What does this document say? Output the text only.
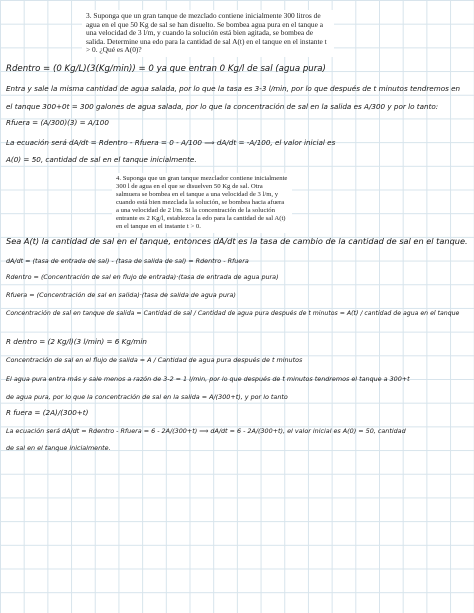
3. Suponga que un gran tanque de mezclado contiene inicialmente 300 litros de agua en el que 50 Kg de sal se han disuelto. Se bombea agua pura en el tanque a una velocidad de 3 l/m, y cuando la solución está bien agitada, se bombea de salida. Determine una edo para la cantidad de sal A(t) en el tanque en el instante t > 0. ¿Qué es A(0)?
Rdentro = (0 Kg/L)(3(Kg/min)) = 0 ya que entran 0 Kg/l de sal (agua pura)
Entra y sale la misma cantidad de agua salada, por lo que la tasa es 3-3 l/min, por lo que después de t minutos tendremos en
el tanque 300+0t = 300 galones de agua salada, por lo que la concentración de sal en la salida es A/300 y por lo tanto:
Rfuera = (A/300)(3) = A/100
La ecuación será dA/dt = Rdentro - Rfuera = 0 - A/100 ⟹ dA/dt = -A/100, el valor inicial es
A(0) = 50, cantidad de sal en el tanque inicialmente.
4. Suponga que un gran tanque mezclador contiene inicialmente 300 l de agua en el que se disuelven 50 Kg de sal. Otra salmuera se bombea en el tanque a una velocidad de 3 l/m, y cuando está bien mezclada la solución, se bombea hacia afuera a una velocidad de 2 l/m. Si la concentración de la solución entrante es 2 Kg/l, establezca la edo para la cantidad de sal A(t) en el tanque en el instante t > 0.
Sea A(t) la cantidad de sal en el tanque, entonces dA/dt es la tasa de cambio de la cantidad de sal en el tanque.
dA/dt = (tasa de entrada de sal) - (tasa de salida de sal) = Rdentro - Rfuera
Rdentro = (Concentración de sal en flujo de entrada)·(tasa de entrada de agua pura)
Rfuera = (Concentración de sal en salida)·(tasa de salida de agua pura)
Concentración de sal en tanque de salida = Cantidad de sal / Cantidad de agua pura después de t minutos = A(t) / cantidad de agua en el tanque
R dentro = (2 Kg/l)(3 l/min) = 6 Kg/min
Concentración de sal en el flujo de salida = A / Cantidad de agua pura después de t minutos
El agua pura entra más y sale menos a razón de 3-2 = 1 l/min, por lo que después de t minutos tendremos el tanque a 300+t
de agua pura, por lo que la concentración de sal en la salida = A/(300+t), y por lo tanto
R fuera = (2A)/(300+t)
La ecuación será dA/dt = Rdentro - Rfuera = 6 - 2A/(300+t) ⟹ dA/dt = 6 - 2A/(300+t), el valor inicial es A(0) = 50, cantidad
de sal en el tanque inicialmente.
